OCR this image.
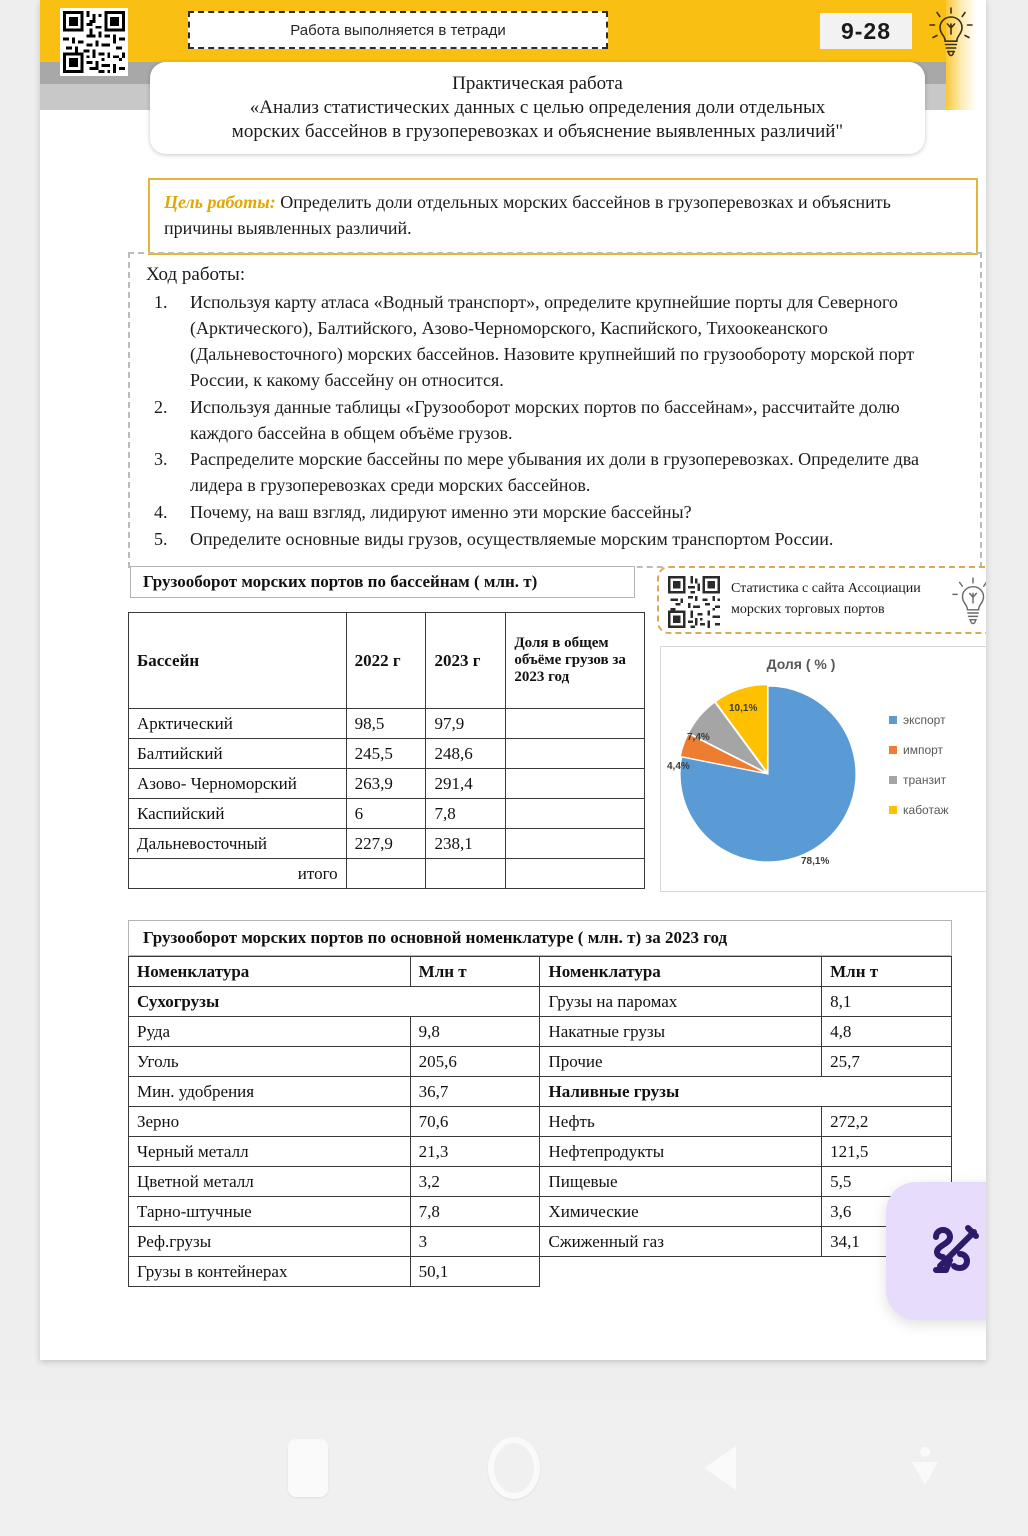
Работа выполняется в тетради	9-28
Практическая работа
«Анализ статистических данных с целью определения доли отдельных
морских бассейнов в грузоперевозках и объяснение выявленных различий"
Цель работы: Определить доли отдельных морских бассейнов в грузоперевозках и объяснить причины выявленных различий.
Ход работы:
Используя карту атласа «Водный транспорт», определите крупнейшие порты для Северного (Арктического), Балтийского, Азово-Черноморского, Каспийского, Тихоокеанского (Дальневосточного) морских бассейнов. Назовите крупнейший по грузообороту морской порт России, к какому бассейну он относится.
Используя данные таблицы «Грузооборот морских портов по бассейнам», рассчитайте долю каждого бассейна в общем объёме грузов.
Распределите морские бассейны по мере убывания их доли в грузоперевозках. Определите два лидера в грузоперевозках среди морских бассейнов.
Почему, на ваш взгляд, лидируют именно эти морские бассейны?
Определите основные виды грузов, осуществляемые морским транспортом России.
Грузооборот морских портов по бассейнам ( млн. т)
Бассейн	2022 г	2023 г	Доля в общем объёме грузов за 2023 год
Арктический	98,5	97,9	
Балтийский	245,5	248,6	
Азово- Черноморский	263,9	291,4	
Каспийский	6	7,8	
Дальневосточный	227,9	238,1	
итого			
Статистика с сайта Ассоциации
морских торговых портов
Доля ( % )
10,1%
7,4%
4,4%
78,1%
экспорт
импорт
транзит
каботаж
Грузооборот морских портов по основной номенклатуре ( млн. т) за 2023 год
Номенклатура	Млн т	Номенклатура	Млн т
Сухогрузы		Грузы на паромах	8,1
Руда	9,8	Накатные грузы	4,8
Уголь	205,6	Прочие	25,7
Мин. удобрения	36,7	Наливные грузы	
Зерно	70,6	Нефть	272,2
Черный металл	21,3	Нефтепродукты	121,5
Цветной металл	3,2	Пищевые	5,5
Тарно-штучные	7,8	Химические	3,6
Реф.грузы	3	Сжиженный газ	34,1
Грузы в контейнерах	50,1		
